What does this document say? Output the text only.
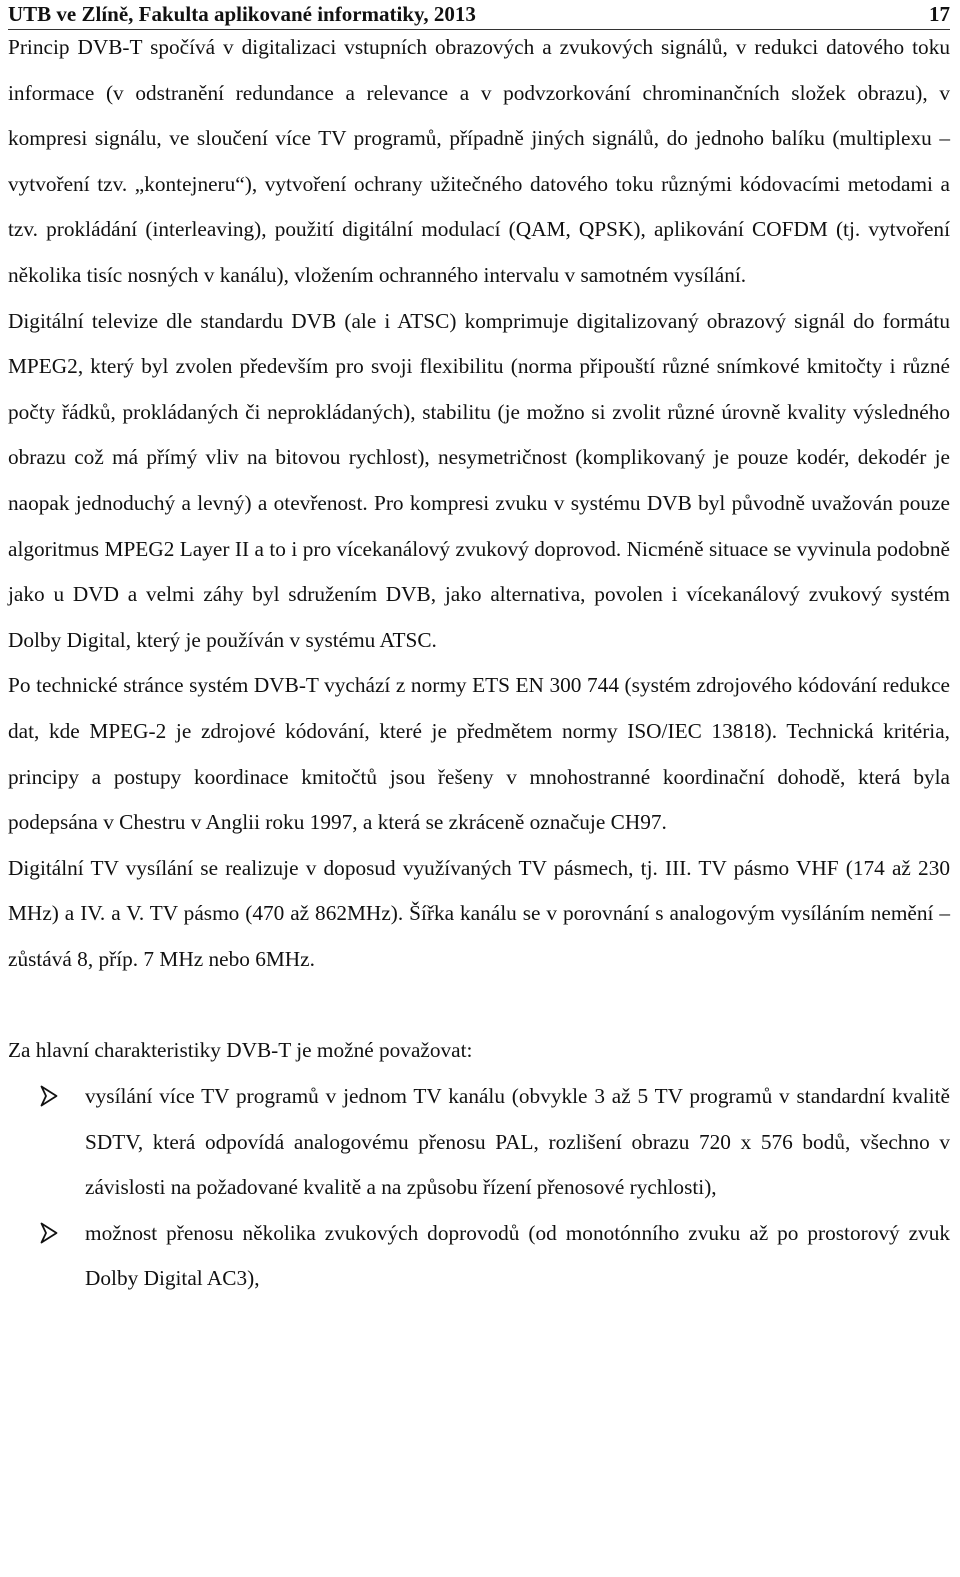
UTB ve Zlíně, Fakulta aplikované informatiky, 2013	17

Princip DVB-T spočívá v digitalizaci vstupních obrazových a zvukových signálů, v redukci datového toku informace (v odstranění redundance a relevance a v podvzorkování chrominančních složek obrazu), v kompresi signálu, ve sloučení více TV programů, případně jiných signálů, do jednoho balíku (multiplexu – vytvoření tzv. „kontejneru“), vytvoření ochrany užitečného datového toku různými kódovacími metodami a tzv. prokládání (interleaving), použití digitální modulací (QAM, QPSK), aplikování COFDM (tj. vytvoření několika tisíc nosných v kanálu), vložením ochranného intervalu v samotném vysílání.

Digitální televize dle standardu DVB (ale i ATSC) komprimuje digitalizovaný obrazový signál do formátu MPEG2, který byl zvolen především pro svoji flexibilitu (norma připouští různé snímkové kmitočty i různé počty řádků, prokládaných či neprokládaných), stabilitu (je možno si zvolit různé úrovně kvality výsledného obrazu což má přímý vliv na bitovou rychlost), nesymetričnost (komplikovaný je pouze kodér, dekodér je naopak jednoduchý a levný) a otevřenost. Pro kompresi zvuku v systému DVB byl původně uvažován pouze algoritmus MPEG2 Layer II a to i pro vícekanálový zvukový doprovod. Nicméně situace se vyvinula podobně jako u DVD a velmi záhy byl sdružením DVB, jako alternativa, povolen i vícekanálový zvukový systém Dolby Digital, který je používán v systému ATSC.

Po technické stránce systém DVB-T vychází z normy ETS EN 300 744 (systém zdrojového kódování redukce dat, kde MPEG-2 je zdrojové kódování, které je předmětem normy ISO/IEC 13818). Technická kritéria, principy a postupy koordinace kmitočtů jsou řešeny v mnohostranné koordinační dohodě, která byla podepsána v Chestru v Anglii roku 1997, a která se zkráceně označuje CH97.

Digitální TV vysílání se realizuje v doposud využívaných TV pásmech, tj. III. TV pásmo VHF (174 až 230 MHz) a IV. a V. TV pásmo (470 až 862MHz). Šířka kanálu se v porovnání s analogovým vysíláním nemění – zůstává 8, příp. 7 MHz nebo 6MHz.

Za hlavní charakteristiky DVB-T je možné považovat:

vysílání více TV programů v jednom TV kanálu (obvykle 3 až 5 TV programů v standardní kvalitě SDTV, která odpovídá analogovému přenosu PAL, rozlišení obrazu 720 x 576 bodů, všechno v závislosti na požadované kvalitě a na způsobu řízení přenosové rychlosti),
možnost přenosu několika zvukových doprovodů (od monotónního zvuku až po prostorový zvuk Dolby Digital AC3),
